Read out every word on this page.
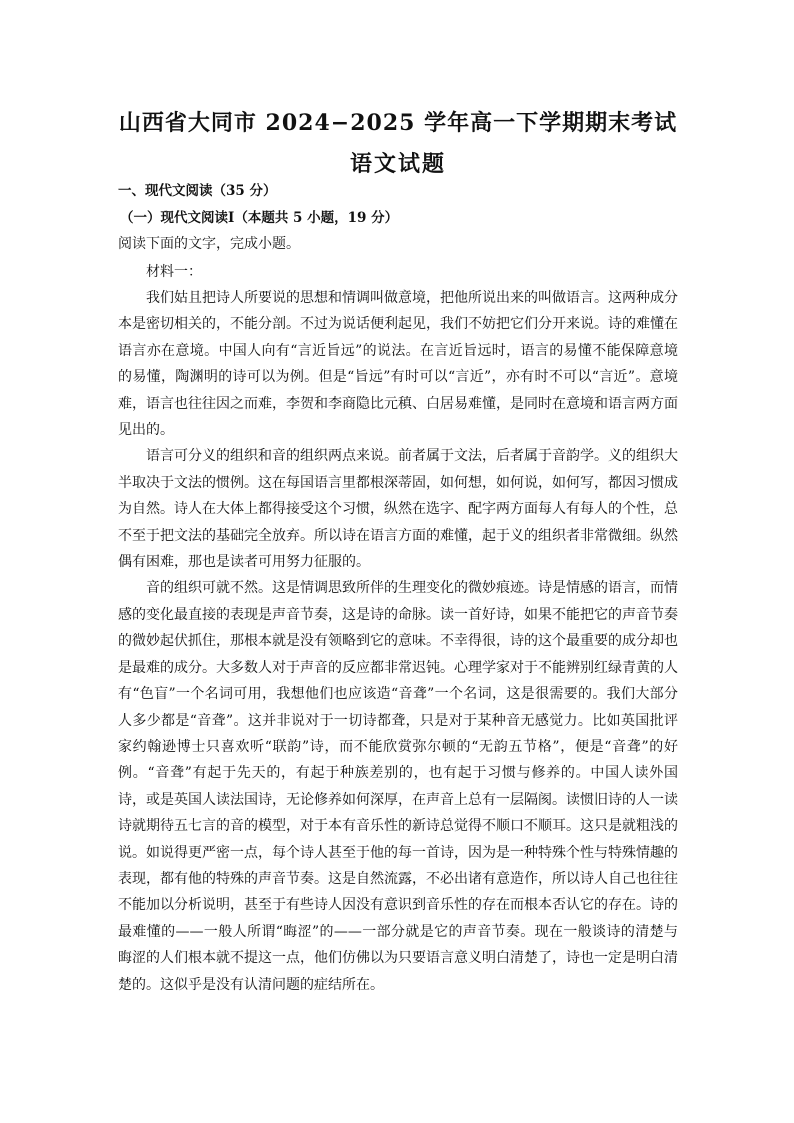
山西省大同市 2024−2025 学年高一下学期期末考试
语文试题
一、现代文阅读（35 分）
（一）现代文阅读Ⅰ（本题共 5 小题，19 分）
阅读下面的文字，完成小题。
材料一：

我们姑且把诗人所要说的思想和情调叫做意境，把他所说出来的叫做语言。这两种成分本是密切相关的，不能分剖。不过为说话便利起见，我们不妨把它们分开来说。诗的难懂在语言亦在意境。中国人向有“言近旨远”的说法。在言近旨远时，语言的易懂不能保障意境的易懂，陶渊明的诗可以为例。但是“旨远”有时可以“言近”，亦有时不可以“言近”。意境难，语言也往往因之而难，李贺和李商隐比元稹、白居易难懂，是同时在意境和语言两方面见出的。

语言可分义的组织和音的组织两点来说。前者属于文法，后者属于音韵学。义的组织大半取决于文法的惯例。这在每国语言里都根深蒂固，如何想，如何说，如何写，都因习惯成为自然。诗人在大体上都得接受这个习惯，纵然在选字、配字两方面每人有每人的个性，总不至于把文法的基础完全放弃。所以诗在语言方面的难懂，起于义的组织者非常微细。纵然偶有困难，那也是读者可用努力征服的。

音的组织可就不然。这是情调思致所伴的生理变化的微妙痕迹。诗是情感的语言，而情感的变化最直接的表现是声音节奏，这是诗的命脉。读一首好诗，如果不能把它的声音节奏的微妙起伏抓住，那根本就是没有领略到它的意味。不幸得很，诗的这个最重要的成分却也是最难的成分。大多数人对于声音的反应都非常迟钝。心理学家对于不能辨别红绿青黄的人有“色盲”一个名词可用，我想他们也应该造“音聋”一个名词，这是很需要的。我们大部分人多少都是“音聋”。这并非说对于一切诗都聋，只是对于某种音无感觉力。比如英国批评家约翰逊博士只喜欢听“联韵”诗，而不能欣赏弥尔顿的“无韵五节格”，便是“音聋”的好例。“音聋”有起于先天的，有起于种族差别的，也有起于习惯与修养的。中国人读外国诗，或是英国人读法国诗，无论修养如何深厚，在声音上总有一层隔阂。读惯旧诗的人一读诗就期待五七言的音的模型，对于本有音乐性的新诗总觉得不顺口不顺耳。这只是就粗浅的说。如说得更严密一点，每个诗人甚至于他的每一首诗，因为是一种特殊个性与特殊情趣的表现，都有他的特殊的声音节奏。这是自然流露，不必出诸有意造作，所以诗人自己也往往不能加以分析说明，甚至于有些诗人因没有意识到音乐性的存在而根本否认它的存在。诗的最难懂的——一般人所谓“晦涩”的——一部分就是它的声音节奏。现在一般谈诗的清楚与晦涩的人们根本就不提这一点，他们仿佛以为只要语言意义明白清楚了，诗也一定是明白清楚的。这似乎是没有认清问题的症结所在。
